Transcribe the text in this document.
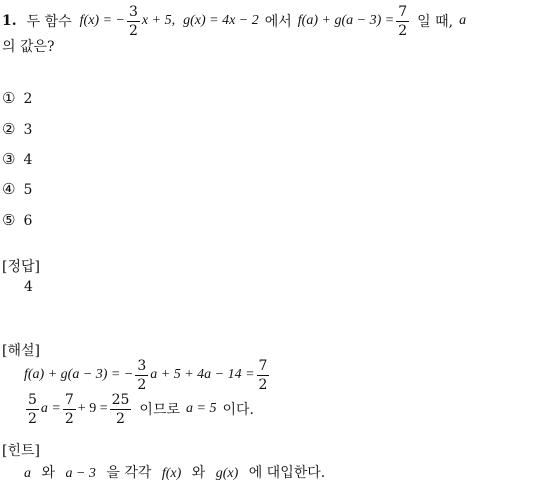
1. 두 함수 f(x) = − $\frac{3}{2}$ x + 5, g(x) = 4x − 2 에서 $f(a) + g(a - 3) = \frac{7}{2}$ 일 때, a
의 값은?
① 2
② 3
③ 4
④ 5
⑤ 6
[정답]
4
[해설]
f(a) + g(a − 3) = − $\frac{3}{2}$ $a + 5 + 4a - 14 = \frac{7}{2}$
$\frac{5}{2}$ $a = \frac{7}{2} + 9 = \frac{25}{2}$ 이므로 a = 5 이다.
[힌트]
a 와 a − 3 을 각각 f(x) 와 g(x) 에 대입한다.
